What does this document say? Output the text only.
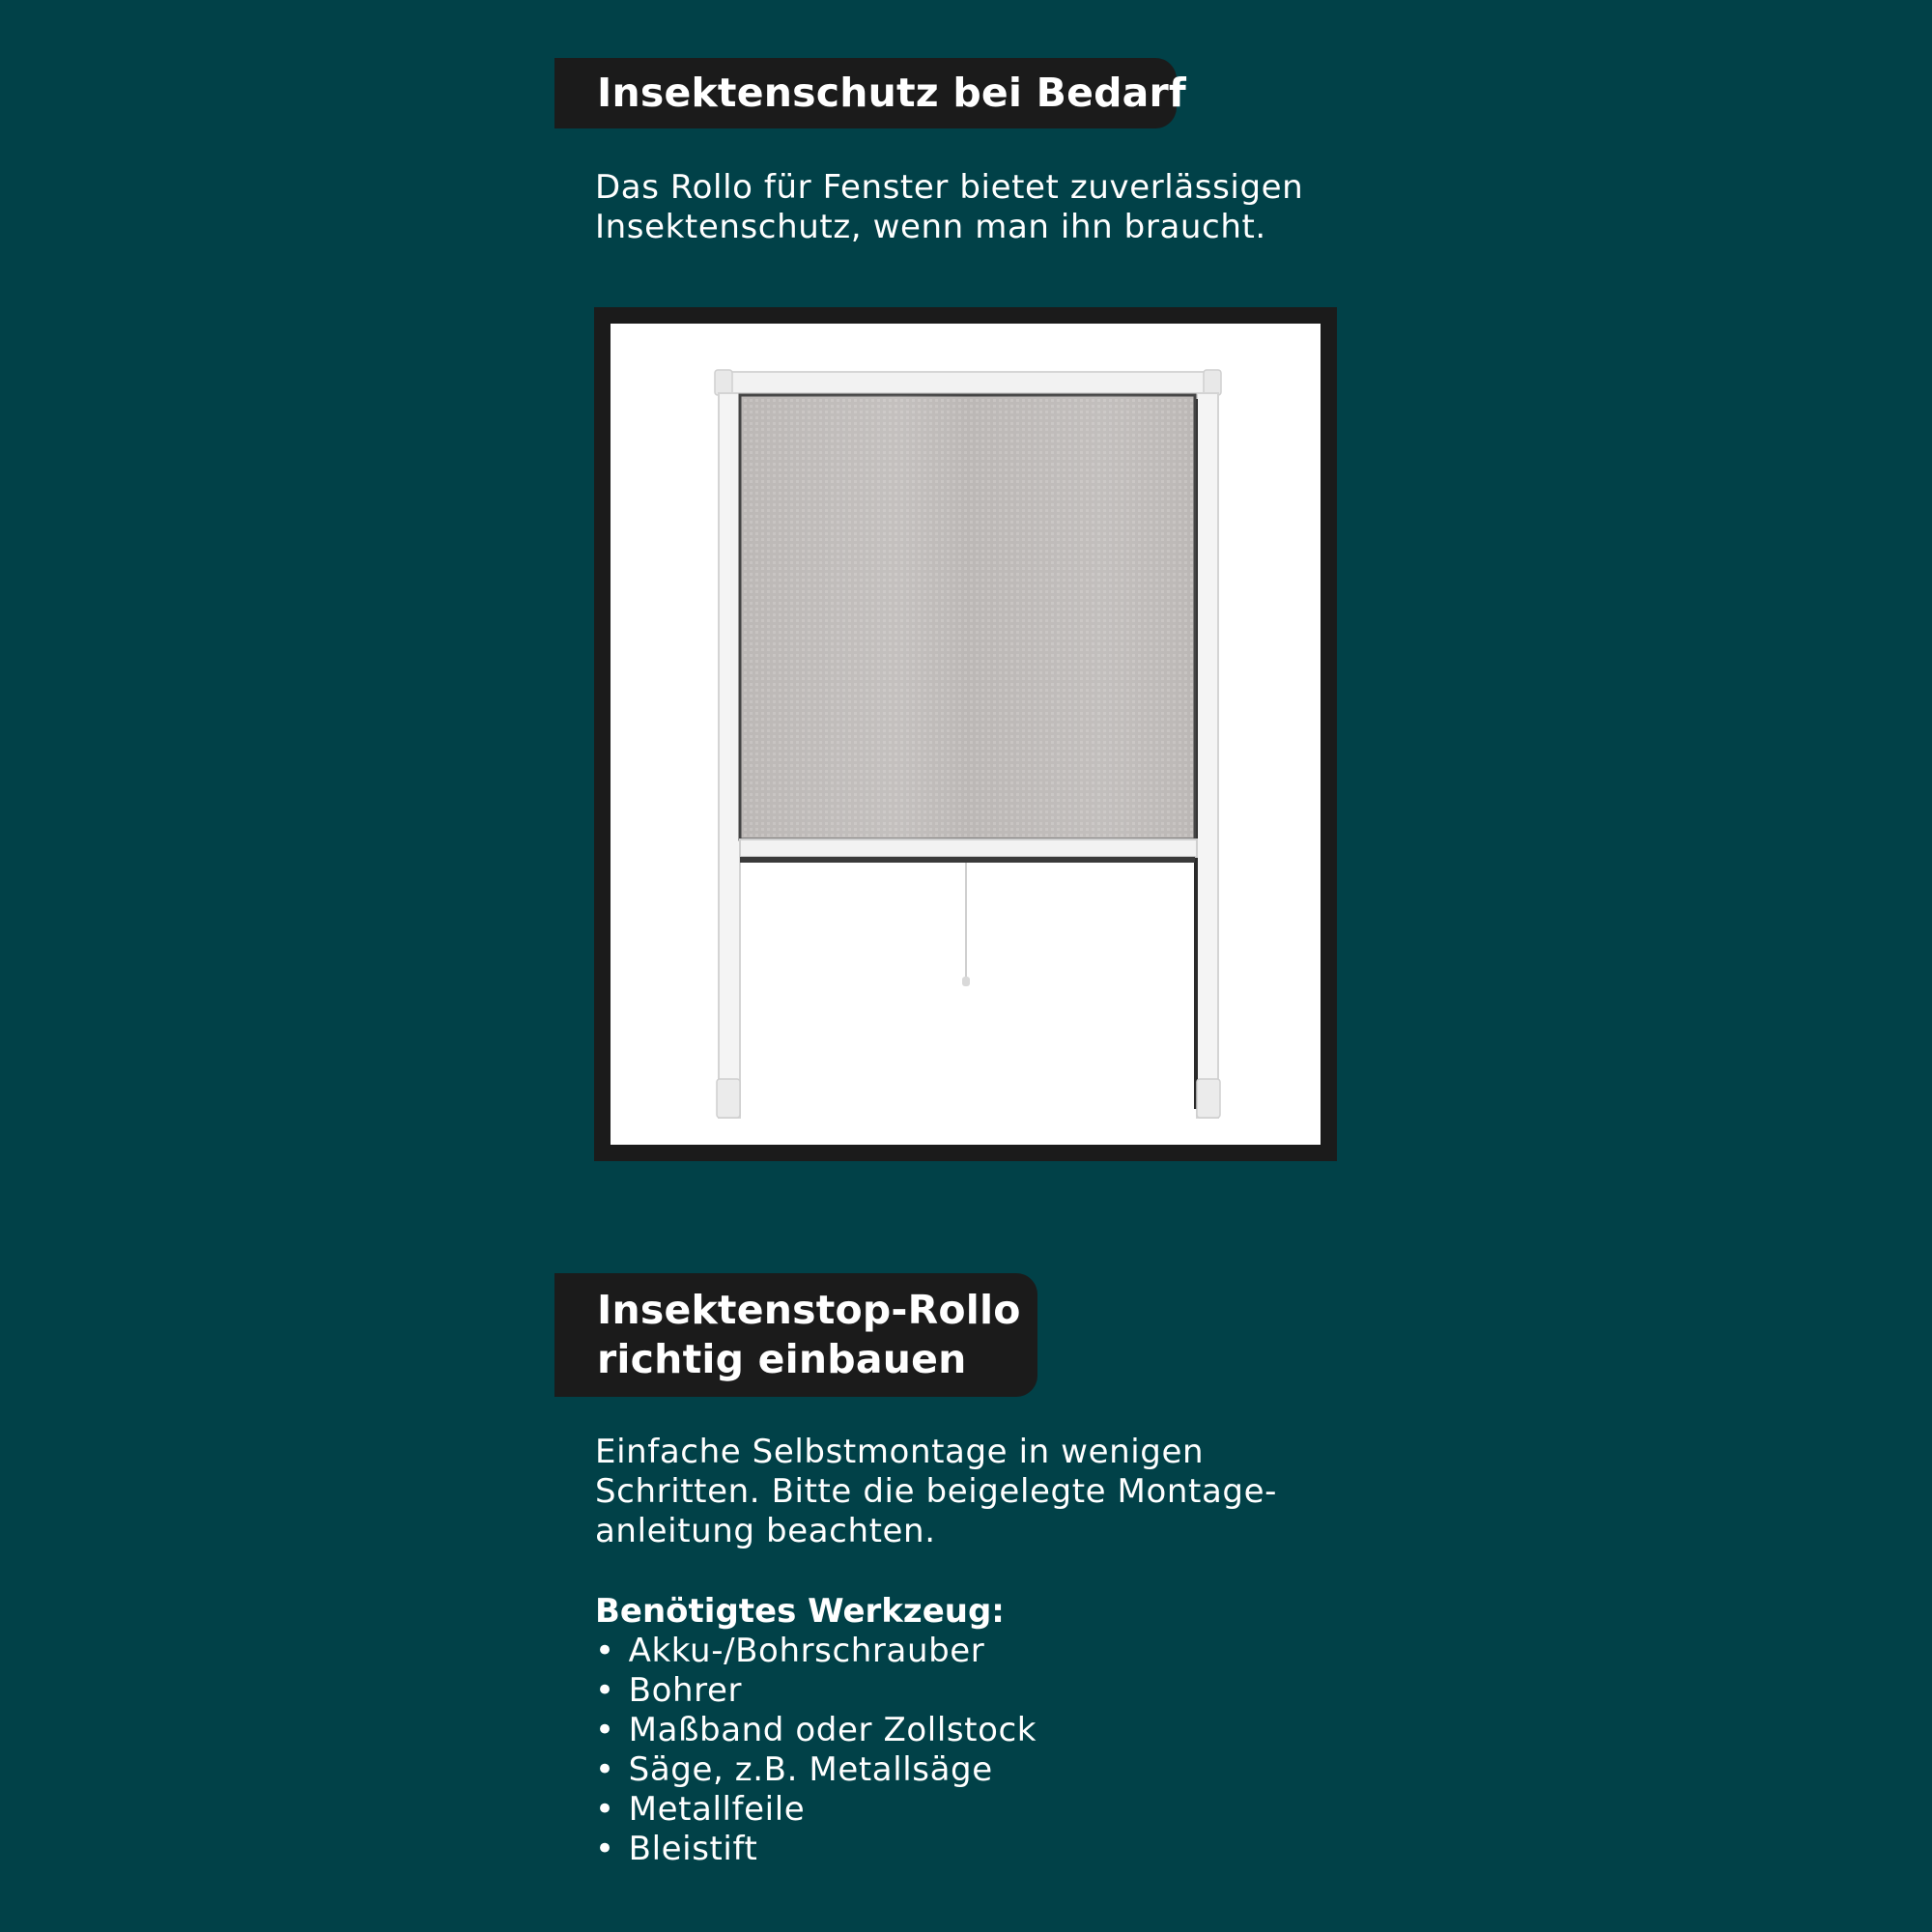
Insektenschutz bei Bedarf
Das Rollo für Fenster bietet zuverlässigen
Insektenschutz, wenn man ihn braucht.
Insektenstop-Rollo
richtig einbauen
Einfache Selbstmontage in wenigen
Schritten. Bitte die beigelegte Montage-
anleitung beachten.
Benötigtes Werkzeug:
• Akku-/Bohrschrauber
• Bohrer
• Maßband oder Zollstock
• Säge, z.B. Metallsäge
• Metallfeile
• Bleistift
